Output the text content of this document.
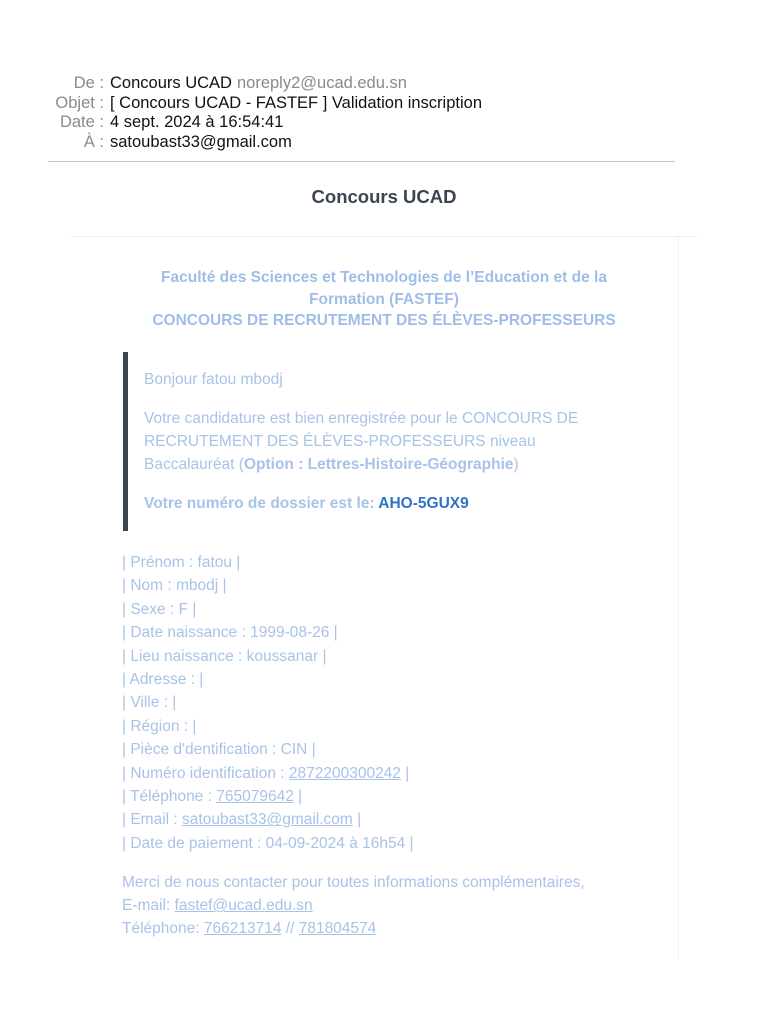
De : Concours UCAD noreply2@ucad.edu.sn
Objet : [ Concours UCAD - FASTEF ] Validation inscription
Date : 4 sept. 2024 à 16:54:41
À : satoubast33@gmail.com
Concours UCAD
Faculté des Sciences et Technologies de l’Education et de la
Formation (FASTEF)
CONCOURS DE RECRUTEMENT DES ÉLÈVES-PROFESSEURS

Bonjour fatou mbodj

Votre candidature est bien enregistrée pour le CONCOURS DE RECRUTEMENT DES ÉLÈVES-PROFESSEURS niveau Baccalauréat (Option : Lettres-Histoire-Géographie)

Votre numéro de dossier est le: AHO-5GUX9

| Prénom : fatou |
| Nom : mbodj |
| Sexe : F |
| Date naissance : 1999-08-26 |
| Lieu naissance : koussanar |
| Adresse : |
| Ville : |
| Région : |
| Pièce d'dentification : CIN |
| Numéro identification : 2872200300242 |
| Téléphone : 765079642 |
| Email : satoubast33@gmail.com |
| Date de paiement : 04-09-2024 à 16h54 |
Merci de nous contacter pour toutes informations complémentaires,
E-mail: fastef@ucad.edu.sn
Téléphone: 766213714 // 781804574
